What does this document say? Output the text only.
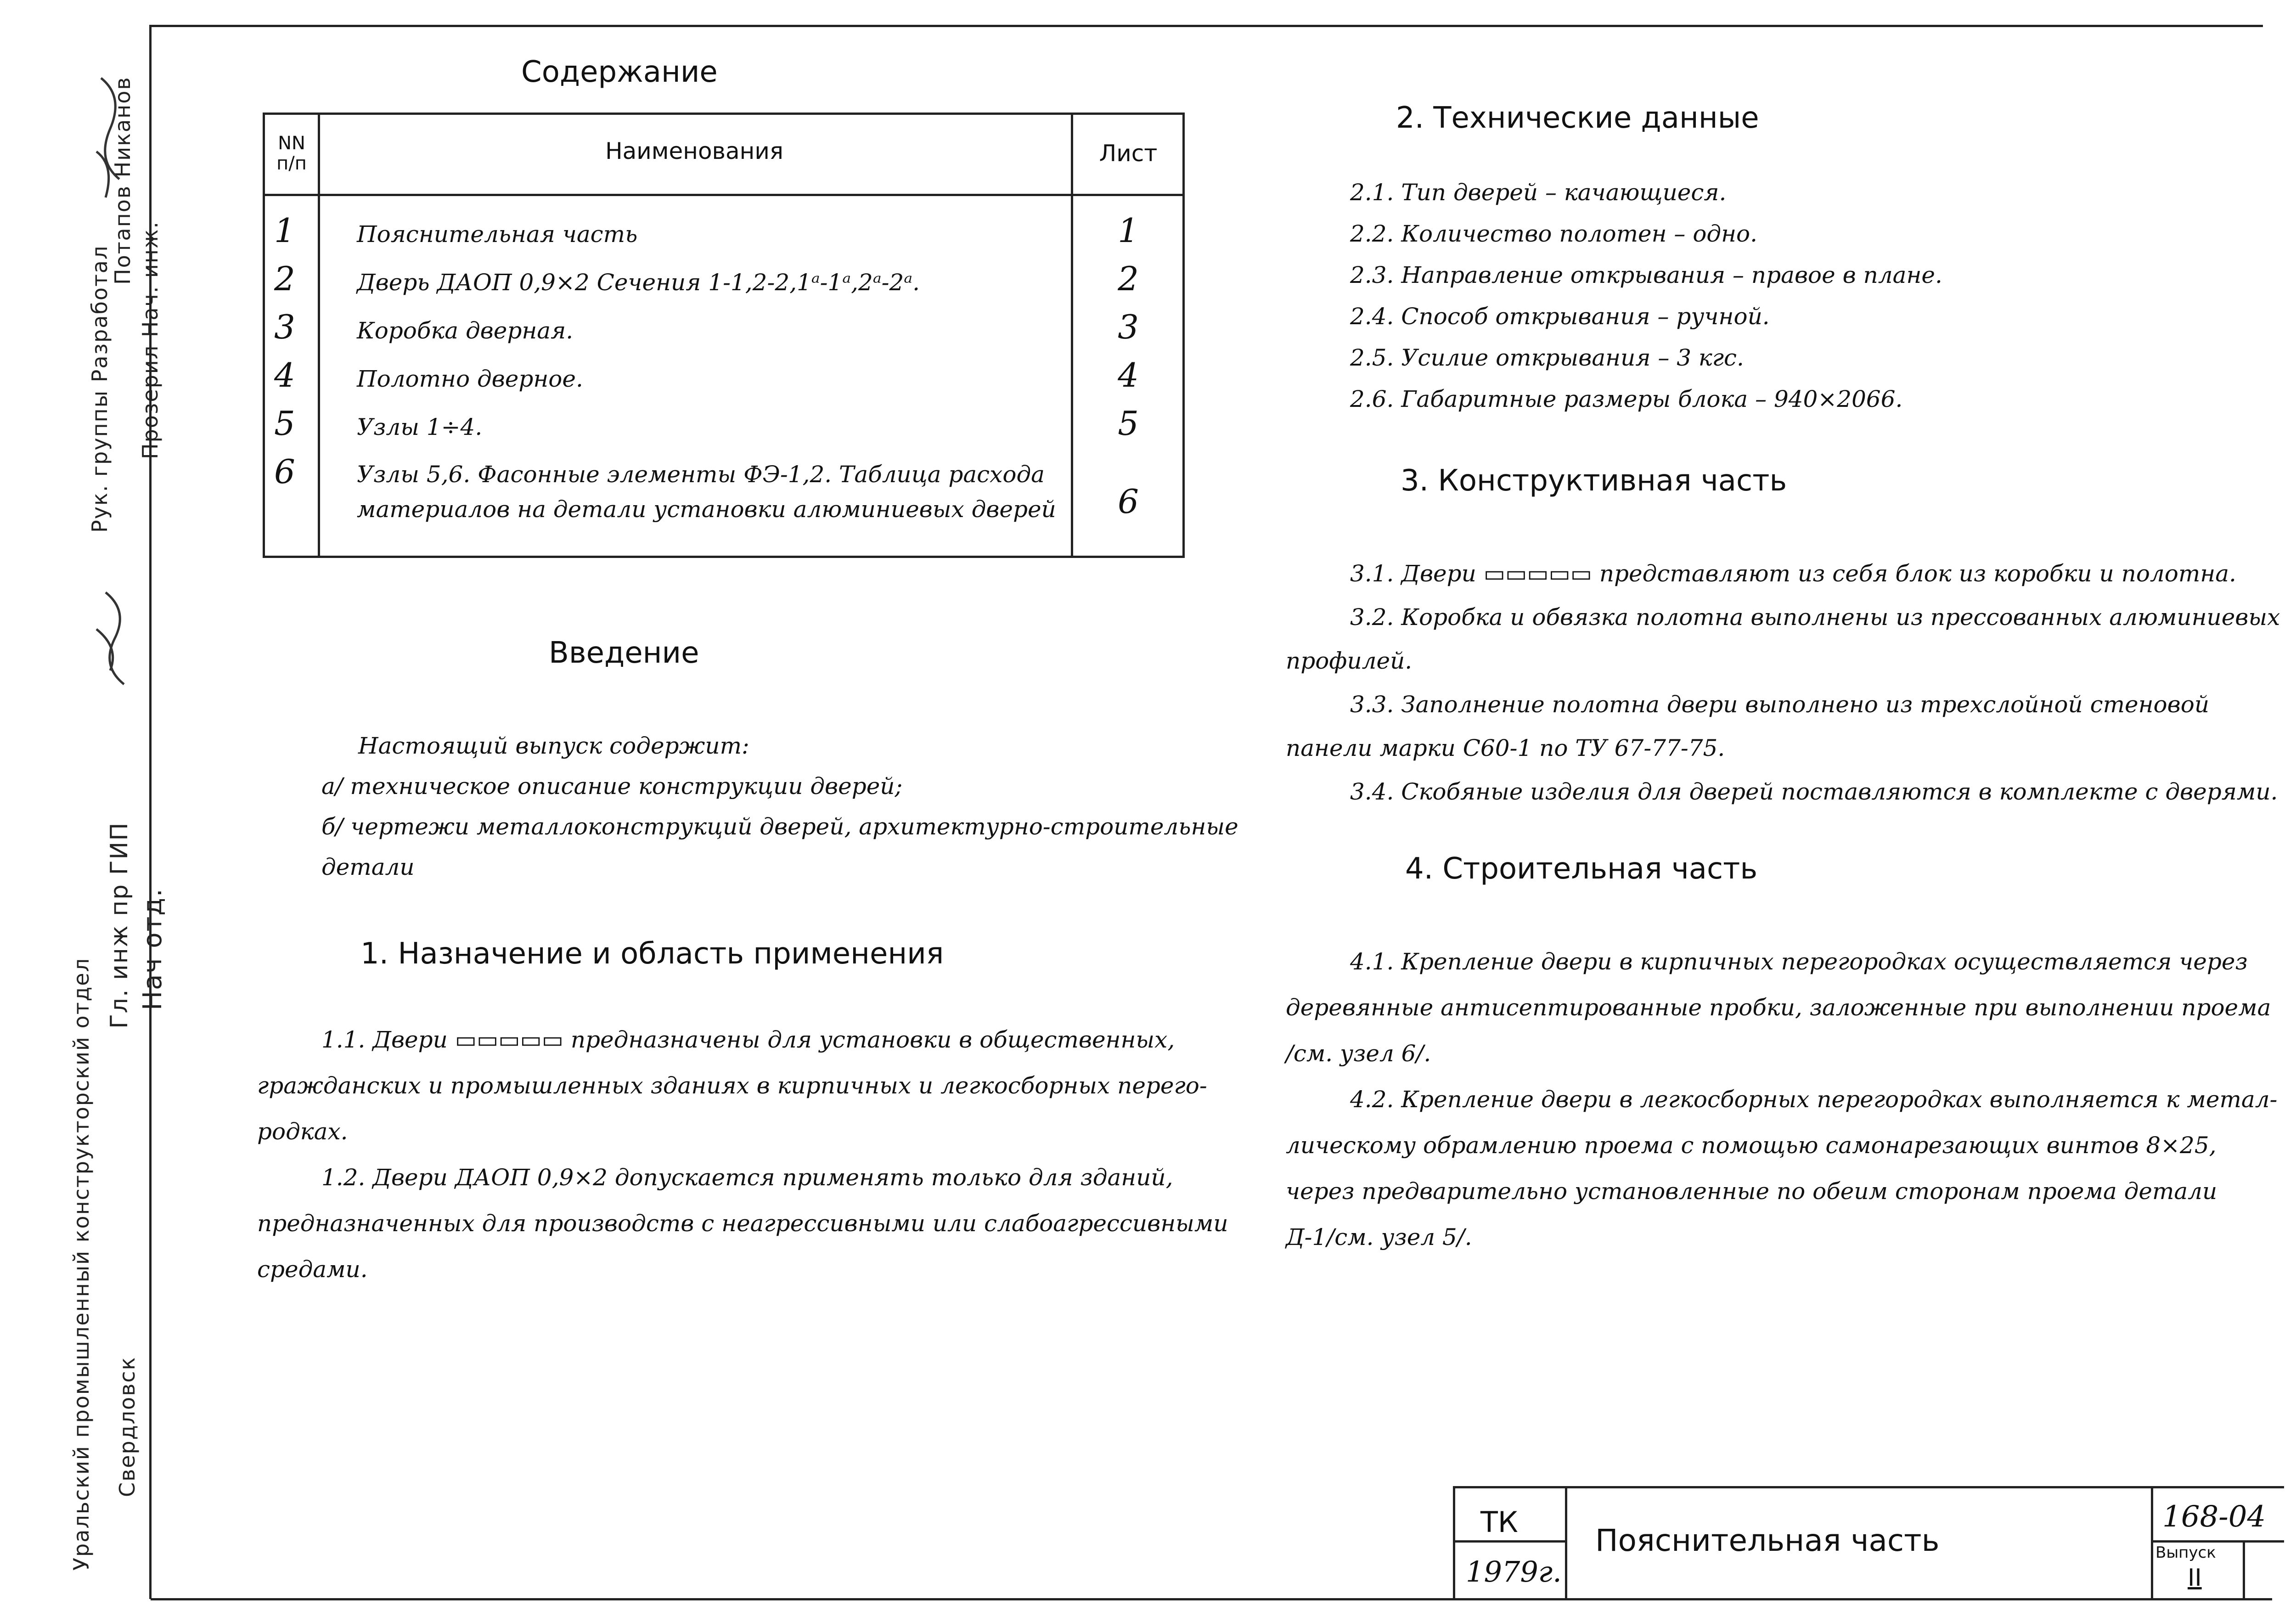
Уральский промышленный конструкторский отдел Свердловск
Нач отд.
Гл. инж пр ГИП
Прозерил Нач. инж.
Рук. группы Разработал
Потапов Никанов
Содержание
NN п/п	Наименования	Лист
1	Пояснительная часть	1
2	Дверь ДАОП 0,9×2 Сечения 1-1,2-2,1ᵃ-1ᵃ,2ᵃ-2ᵃ.	2
3	Коробка дверная.	3
4	Полотно дверное.	4
5	Узлы 1÷4.	5
6	Узлы 5,6. Фасонные элементы ФЭ-1,2. Таблица расхода материалов на детали установки алюминиевых дверей	6
Введение
Настоящий выпуск содержит:
а/ техническое описание конструкции дверей;
б/ чертежи металлоконструкций дверей, архитектурно-строительные
детали
1. Назначение и область применения
1.1. Двери ▭▭▭▭▭ предназначены для установки в общественных,
гражданских и промышленных зданиях в кирпичных и легкосборных перего-
родках.
1.2. Двери ДАОП 0,9×2 допускается применять только для зданий,
предназначенных для производств с неагрессивными или слабоагрессивными
средами.
2. Технические данные
2.1. Тип дверей – качающиеся.
2.2. Количество полотен – одно.
2.3. Направление открывания – правое в плане.
2.4. Способ открывания – ручной.
2.5. Усилие открывания – 3 кгс.
2.6. Габаритные размеры блока – 940×2066.
3. Конструктивная часть
3.1. Двери ▭▭▭▭▭ представляют из себя блок из коробки и полотна.
3.2. Коробка и обвязка полотна выполнены из прессованных алюминиевых
профилей.
3.3. Заполнение полотна двери выполнено из трехслойной стеновой
панели марки С60-1 по ТУ 67-77-75.
3.4. Скобяные изделия для дверей поставляются в комплекте с дверями.
4. Строительная часть
4.1. Крепление двери в кирпичных перегородках осуществляется через
деревянные антисептированные пробки, заложенные при выполнении проема
/см. узел 6/.
4.2. Крепление двери в легкосборных перегородках выполняется к метал-
лическому обрамлению проема с помощью самонарезающих винтов 8×25,
через предварительно установленные по обеим сторонам проема детали
Д-1/см. узел 5/.
ТК
1979г.
Пояснительная часть
168-04
Выпуск
II
